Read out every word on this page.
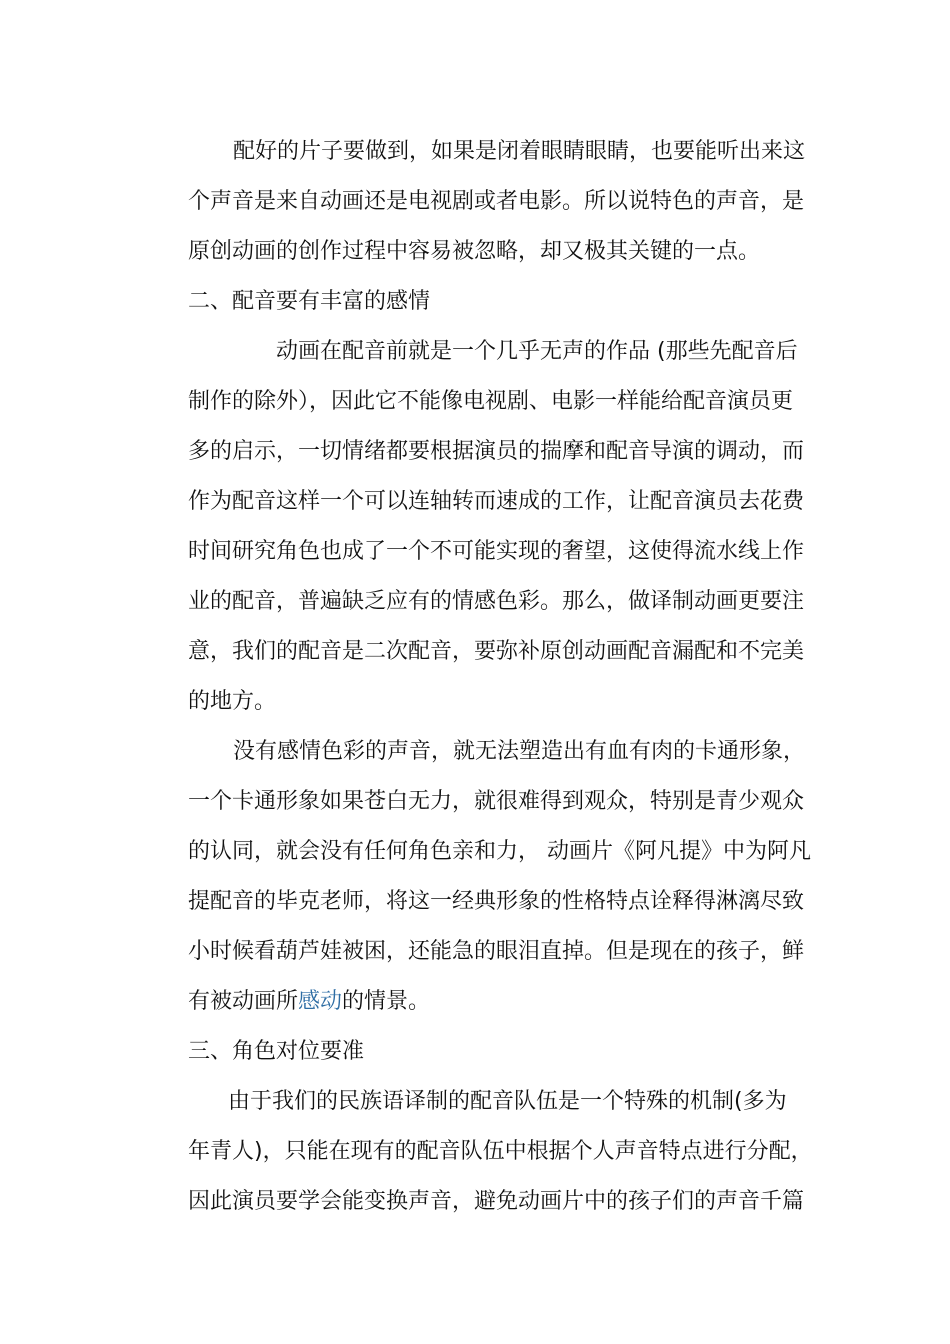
配好的片子要做到，如果是闭着眼睛眼睛，也要能听出来这
个声音是来自动画还是电视剧或者电影。所以说特色的声音，是
原创动画的创作过程中容易被忽略，却又极其关键的一点。
二、配音要有丰富的感情
动画在配音前就是一个几乎无声的作品 (那些先配音后
制作的除外），因此它不能像电视剧、电影一样能给配音演员更
多的启示，一切情绪都要根据演员的揣摩和配音导演的调动，而
作为配音这样一个可以连轴转而速成的工作，让配音演员去花费
时间研究角色也成了一个不可能实现的奢望，这使得流水线上作
业的配音，普遍缺乏应有的情感色彩。那么，做译制动画更要注
意，我们的配音是二次配音，要弥补原创动画配音漏配和不完美
的地方。
没有感情色彩的声音，就无法塑造出有血有肉的卡通形象，
一个卡通形象如果苍白无力，就很难得到观众，特别是青少观众
的认同，就会没有任何角色亲和力， 动画片《阿凡提》中为阿凡
提配音的毕克老师，将这一经典形象的性格特点诠释得淋漓尽致
小时候看葫芦娃被困，还能急的眼泪直掉。但是现在的孩子，鲜
有被动画所感动的情景。
三、角色对位要准
由于我们的民族语译制的配音队伍是一个特殊的机制(多为
年青人)，只能在现有的配音队伍中根据个人声音特点进行分配，
因此演员要学会能变换声音，避免动画片中的孩子们的声音千篇
